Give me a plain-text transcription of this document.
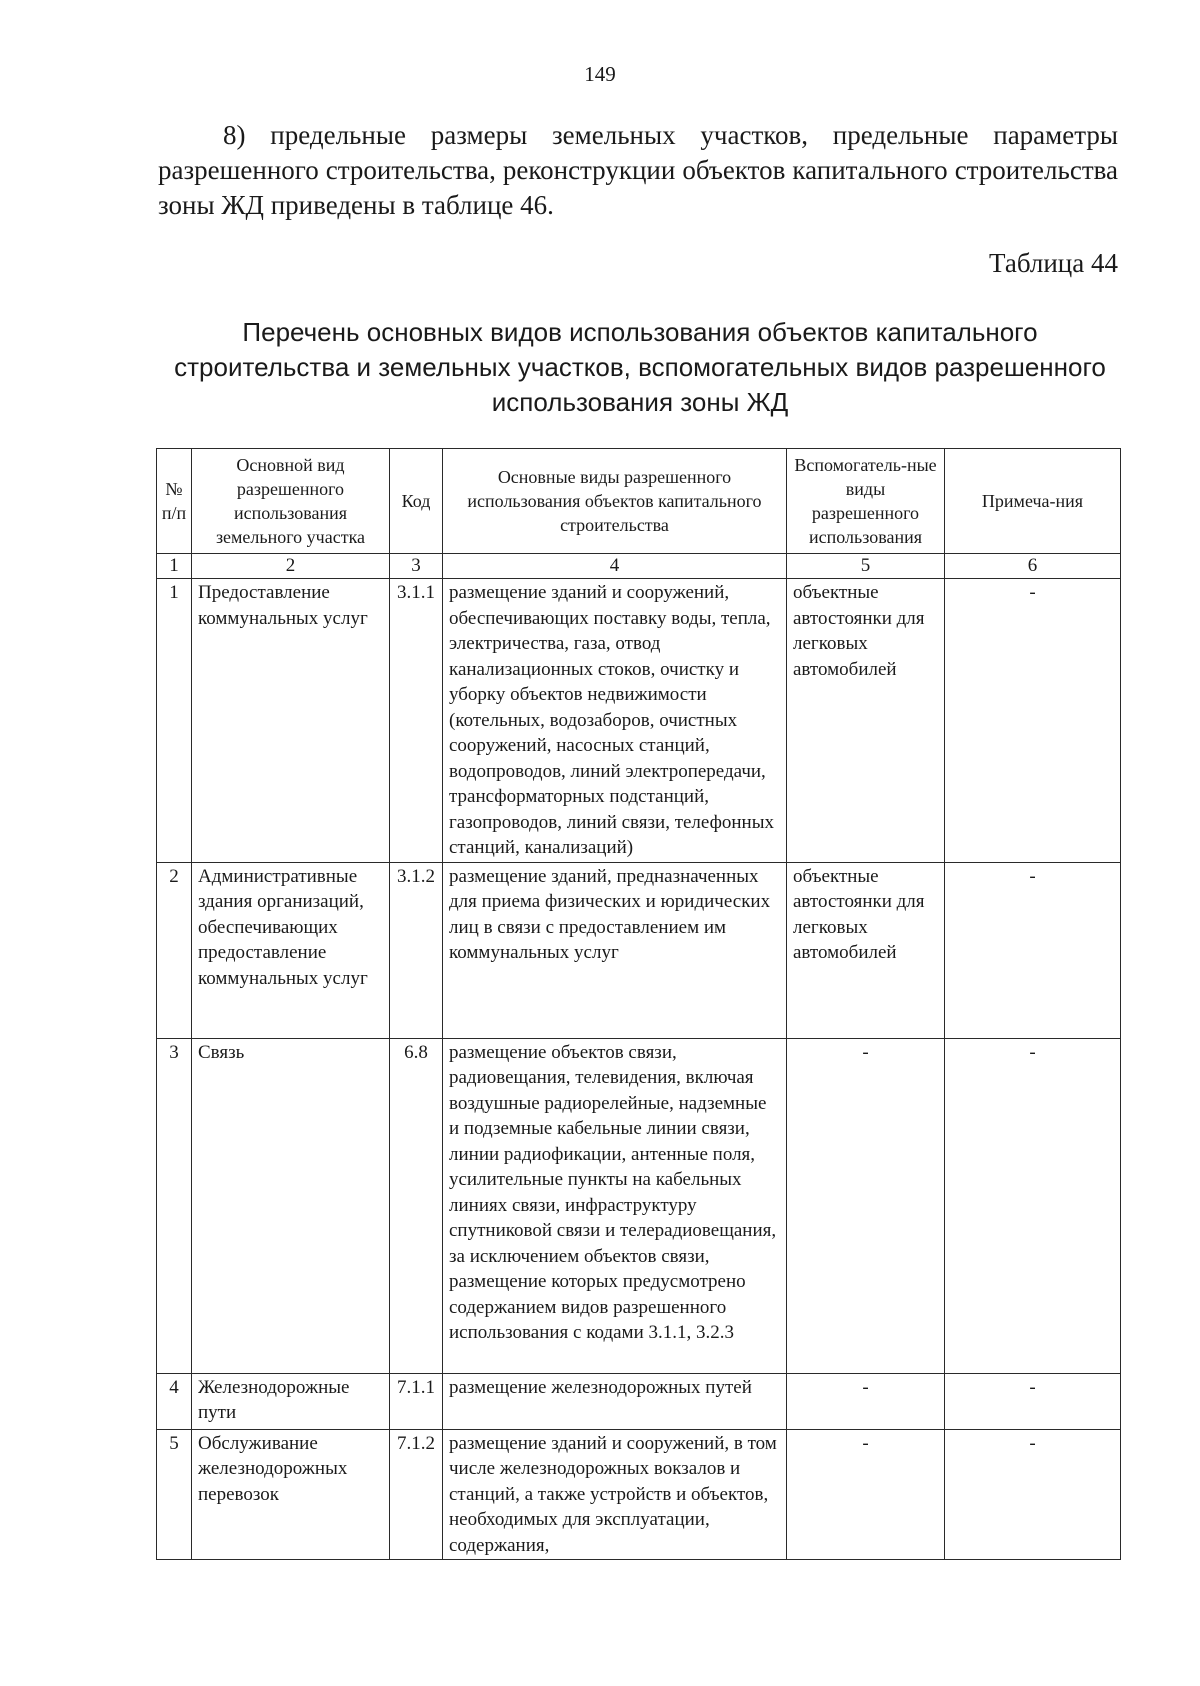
149

8) предельные размеры земельных участков, предельные параметры разрешенного строительства, реконструкции объектов капитального строительства зоны ЖД приведены в таблице 46.

Таблица 44
Перечень основных видов использования объектов капитального строительства и земельных участков, вспомогательных видов разрешенного использования зоны ЖД
№ п/п	Основной вид разрешенного использования земельного участка	Код	Основные виды разрешенного использования объектов капитального строительства	Вспомогатель-ные виды разрешенного использования	Примеча-ния
1	2	3	4	5	6
1	Предоставление коммунальных услуг	3.1.1	размещение зданий и сооружений, обеспечивающих поставку воды, тепла, электричества, газа, отвод канализационных стоков, очистку и уборку объектов недвижимости (котельных, водозаборов, очистных сооружений, насосных станций, водопроводов, линий электропередачи, трансформаторных подстанций, газопроводов, линий связи, телефонных станций, канализаций)	объектные автостоянки для легковых автомобилей	-
2	Административные здания организаций, обеспечивающих предоставление коммунальных услуг	3.1.2	размещение зданий, предназначенных для приема физических и юридических лиц в связи с предоставлением им коммунальных услуг	объектные автостоянки для легковых автомобилей	-
3	Связь	6.8	размещение объектов связи, радиовещания, телевидения, включая воздушные радиорелейные, надземные и подземные кабельные линии связи, линии радиофикации, антенные поля, усилительные пункты на кабельных линиях связи, инфраструктуру спутниковой связи и телерадиовещания, за исключением объектов связи, размещение которых предусмотрено содержанием видов разрешенного использования с кодами 3.1.1, 3.2.3	-	-
4	Железнодорожные пути	7.1.1	размещение железнодорожных путей	-	-
5	Обслуживание железнодорожных перевозок	7.1.2	размещение зданий и сооружений, в том числе железнодорожных вокзалов и станций, а также устройств и объектов, необходимых для эксплуатации, содержания,	-	-
